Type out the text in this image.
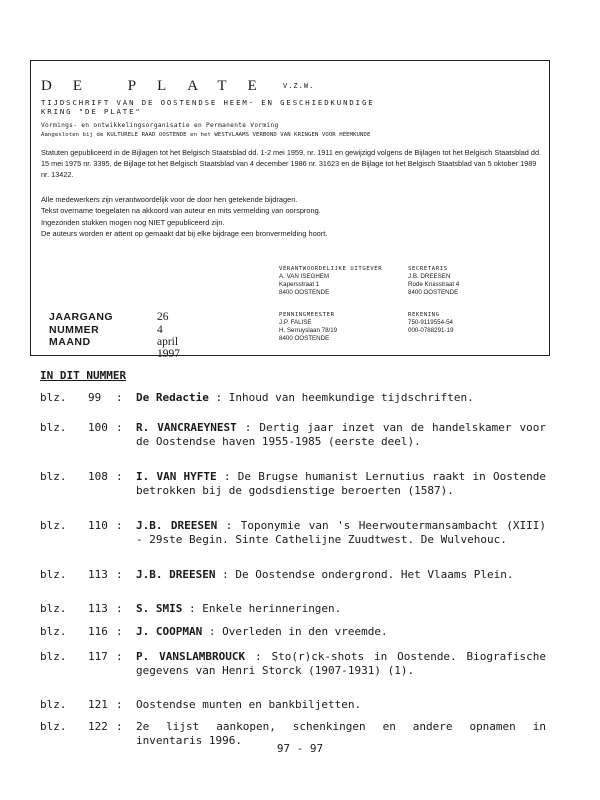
DE PLATE V.Z.W.
TIJDSCHRIFT VAN DE OOSTENDSE HEEM- EN GESCHIEDKUNDIGE
KRING "DE PLATE"
Vormings- en ontwikkelingsorganisatie en Permanente Vorming
Aangesloten bij de KULTURELE RAAD OOSTENDE en het WESTVLAAMS VERBOND VAN KRINGEN VOOR HEEMKUNDE
Statuten gepubliceerd in de Bijlagen tot het Belgisch Staatsblad dd. 1-2 mei 1959, nr. 1911 en gewijzigd volgens de Bijlagen tot het Belgisch Staatsblad dd. 15 mei 1975 nr. 3395, de Bijlage tot het Belgisch Staatsblad van 4 december 1986 nr. 31623 en de Bijlage tot het Belgisch Staatsblad van 5 oktober 1989 nr. 13422.
Alle medewerkers zijn verantwoordelijk voor de door hen getekende bijdragen.
Tekst overname toegelaten na akkoord van auteur en mits vermelding van oorsprong.
Ingezonden stukken mogen nog NIET gepubliceerd zijn.
De auteurs worden er attent op gemaakt dat bij elke bijdrage een bronvermelding hoort.
VERANTWOORDELIJKE UITGEVER
A. VAN ISEGHEM
Kapersstraat 1
8400 OOSTENDE
SECRETARIS
J.B. DREESEN
Rode Kruisstraat 4
8400 OOSTENDE
PENNINGMEESTER
J.P. FALISE
H. Serruyslaan 78/19
8400 OOSTENDE
REKENING
750-9119554-54
000-0788291-19
JAARGANG	26
NUMMER	4
MAAND	april 1997
IN DIT NUMMER
blz. 99 : De Redactie : Inhoud van heemkundige tijdschriften.
blz. 100 : R. VANCRAEYNEST : Dertig jaar inzet van de handelskamer voor de Oostendse haven 1955-1985 (eerste deel).
blz. 108 : I. VAN HYFTE : De Brugse humanist Lernutius raakt in Oostende betrokken bij de godsdienstige beroerten (1587).
blz. 110 : J.B. DREESEN : Toponymie van 's Heerwoutermansambacht (XIII) - 29ste Begin. Sinte Cathelijne Zuudtwest. De Wulvehouc.
blz. 113 : J.B. DREESEN : De Oostendse ondergrond. Het Vlaams Plein.
blz. 113 : S. SMIS : Enkele herinneringen.
blz. 116 : J. COOPMAN : Overleden in den vreemde.
blz. 117 : P. VANSLAMBROUCK : Sto(r)ck-shots in Oostende. Biografische gegevens van Henri Storck (1907-1931) (1).
blz. 121 : Oostendse munten en bankbiljetten.
blz. 122 : 2e lijst aankopen, schenkingen en andere opnamen in inventaris 1996.
97 - 97
